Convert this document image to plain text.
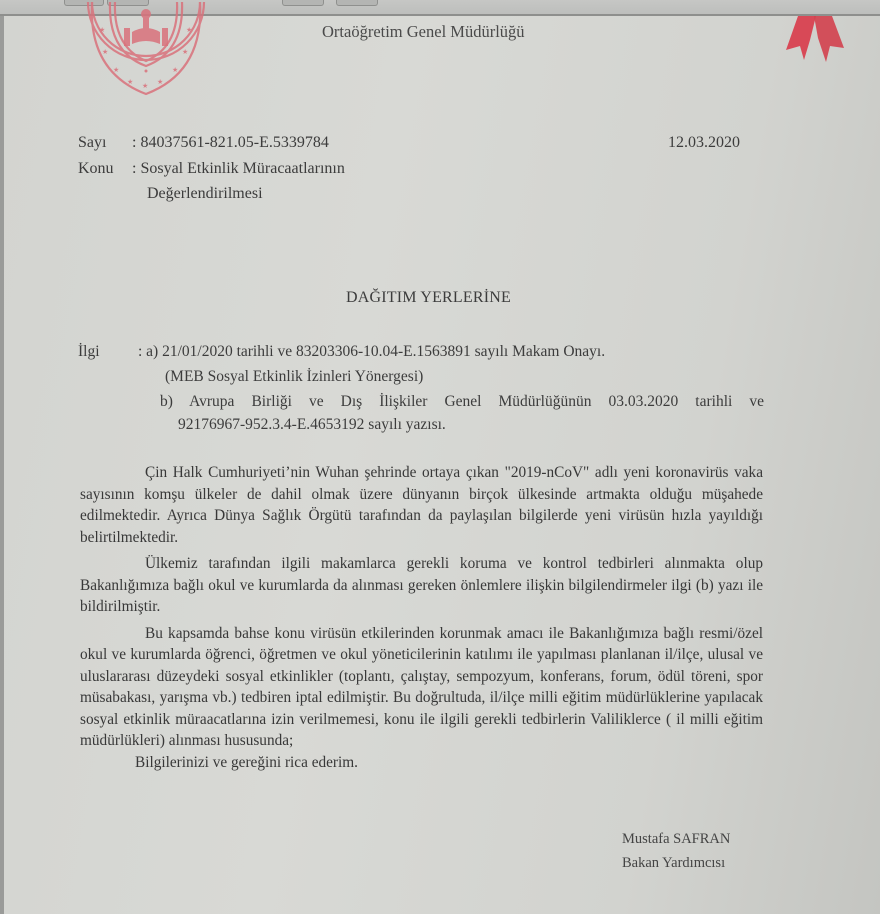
★	★
★	★
★	★
★ ★ ★
Ortaöğretim Genel Müdürlüğü
Sayı : 84037561-821.05-E.5339784	12.03.2020
Konu : Sosyal Etkinlik Müracaatlarının
Değerlendirilmesi
DAĞITIM YERLERİNE
İlgi : a) 21/01/2020 tarihli ve 83203306-10.04-E.1563891 sayılı Makam Onayı.
(MEB Sosyal Etkinlik İzinleri Yönergesi)
b) Avrupa Birliği ve Dış İlişkiler Genel Müdürlüğünün 03.03.2020 tarihli ve
92176967-952.3.4-E.4653192 sayılı yazısı.

Çin Halk Cumhuriyeti’nin Wuhan şehrinde ortaya çıkan "2019-nCoV" adlı yeni koronavirüs vaka sayısının komşu ülkeler de dahil olmak üzere dünyanın birçok ülkesinde artmakta olduğu müşahede edilmektedir. Ayrıca Dünya Sağlık Örgütü tarafından da paylaşılan bilgilerde yeni virüsün hızla yayıldığı belirtilmektedir.

Ülkemiz tarafından ilgili makamlarca gerekli koruma ve kontrol tedbirleri alınmakta olup Bakanlığımıza bağlı okul ve kurumlarda da alınması gereken önlemlere ilişkin bilgilendirmeler ilgi (b) yazı ile bildirilmiştir.

Bu kapsamda bahse konu virüsün etkilerinden korunmak amacı ile Bakanlığımıza bağlı resmi/özel okul ve kurumlarda öğrenci, öğretmen ve okul yöneticilerinin katılımı ile yapılması planlanan il/ilçe, ulusal ve uluslararası düzeydeki sosyal etkinlikler (toplantı, çalıştay, sempozyum, konferans, forum, ödül töreni, spor müsabakası, yarışma vb.) tedbiren iptal edilmiştir. Bu doğrultuda, il/ilçe milli eğitim müdürlüklerine yapılacak sosyal etkinlik müraacatlarına izin verilmemesi, konu ile ilgili gerekli tedbirlerin Valiliklerce ( il milli eğitim müdürlükleri) alınması hususunda;

Bilgilerinizi ve gereğini rica ederim.

Mustafa SAFRAN
Bakan Yardımcısı
